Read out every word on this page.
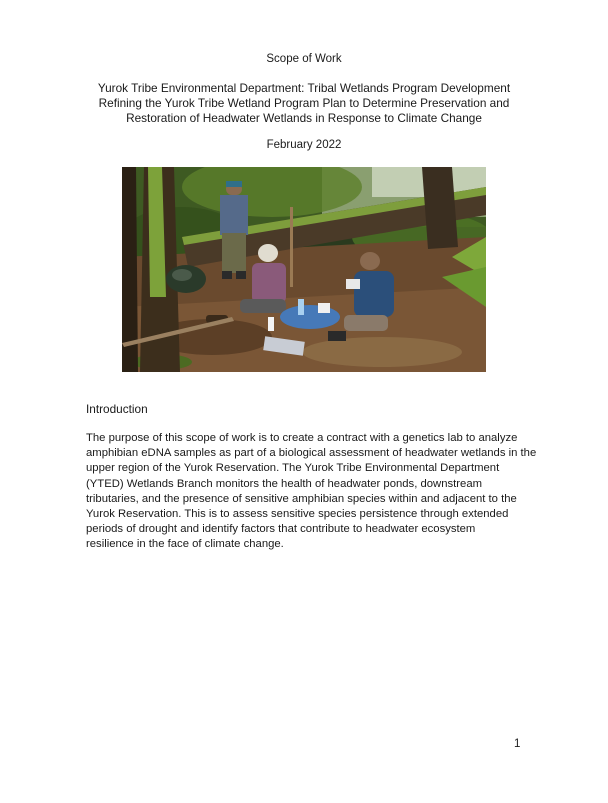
Scope of Work
Yurok Tribe Environmental Department: Tribal Wetlands Program Development
Refining the Yurok Tribe Wetland Program Plan to Determine Preservation and
Restoration of Headwater Wetlands in Response to Climate Change
February 2022
Introduction
The purpose of this scope of work is to create a contract with a genetics lab to analyze
amphibian eDNA samples as part of a biological assessment of headwater wetlands in the
upper region of the Yurok Reservation. The Yurok Tribe Environmental Department
(YTED) Wetlands Branch monitors the health of headwater ponds, downstream
tributaries, and the presence of sensitive amphibian species within and adjacent to the
Yurok Reservation. This is to assess sensitive species persistence through extended
periods of drought and identify factors that contribute to headwater ecosystem
resilience in the face of climate change.
1
